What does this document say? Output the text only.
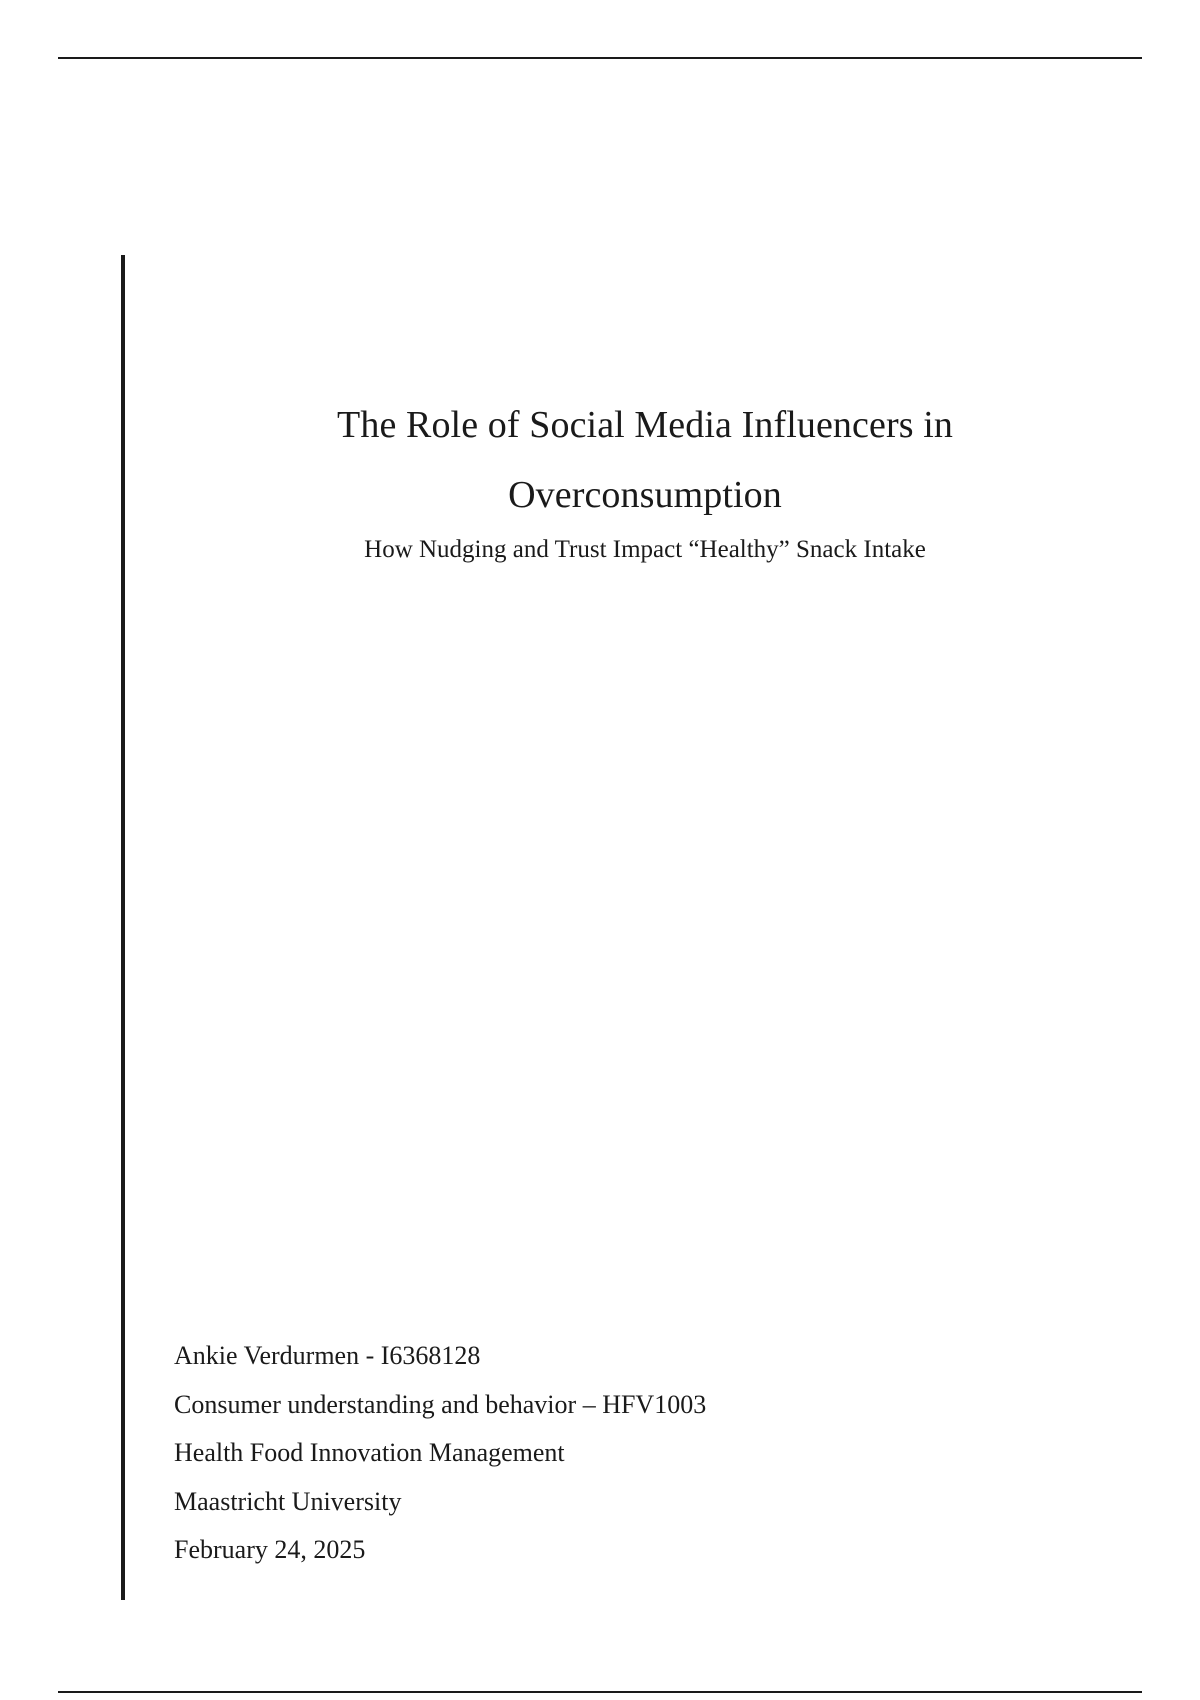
The Role of Social Media Influencers in
Overconsumption

How Nudging and Trust Impact “Healthy” Snack Intake

Ankie Verdurmen - I6368128
Consumer understanding and behavior – HFV1003
Health Food Innovation Management
Maastricht University
February 24, 2025
